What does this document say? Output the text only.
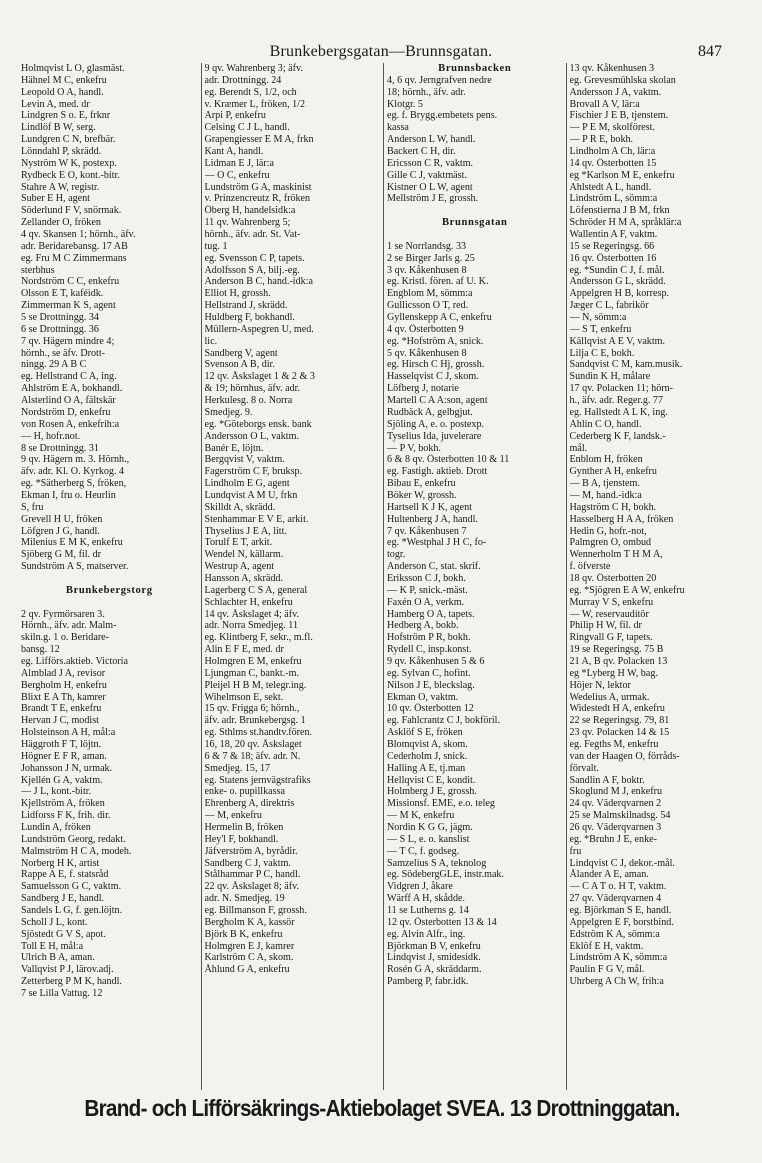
Brunkebergsgatan—Brunnsgatan.	847
Holmqvist L O, glasmäst.
Hähnel M C, enkefru
Leopold O A, handl.
Levin A, med. dr
Lindgren S o. E, frknr
Lindlöf B W, serg.
Lundgren C N, brefbär.
Lönndahl P, skrädd.
Nyström W K, postexp.
Rydbeck E O, kont.-bitr.
Stahre A W, registr.
Suber E H, agent
Söderlund F V, snörmak.
Zellander O, fröken
4 qv. Skansen 1; hörnh., äfv.
adr. Beridarebansg. 17 AB
eg. Fru M C Zimmermans
sterbhus
Nordström C C, enkefru
Olsson E T, kaféidk.
Zimmerman K S, agent
5 se Drottningg. 34
6 se Drottningg. 36
7 qv. Hägern mindre 4;
hörnh., se äfv. Drott-
ningg. 29 A B C
eg. Hellstrand C A, ing.
Ahlström E A, bokhandl.
Alsterlind O A, fältskär
Nordström D, enkefru
von Rosen A, enkefrih:a
— H, hofr.not.
8 se Drottningg. 31
9 qv. Hägern m. 3. Hörnh.,
äfv. adr. Kl. O. Kyrkog. 4
eg. *Sätherberg S, fröken,
Ekman I, fru o. Heurlin
S, fru
Grevell H U, fröken
Löfgren J G, handl.
Milenius E M K, enkefru
Sjöberg G M, fil. dr
Sundström A S, matserver.
Brunkebergstorg
2 qv. Fyrmörsaren 3.
Hörnh., äfv. adr. Malm-
skiln.g. 1 o. Beridare-
bansg. 12
eg. Lifförs.aktieb. Victoria
Almblad J A, revisor
Bergholm H, enkefru
Blixt E A Th, kamrer
Brandt T E, enkefru
Hervan J C, modist
Holsteinson A H, mål:a
Häggroth F T, löjtn.
Högner E F R, aman.
Johansson J N, urmak.
Kjellén G A, vaktm.
— J L, kont.-bitr.
Kjellström A, fröken
Lidforss F K, frih. dir.
Lundin A, fröken
Lundström Georg, redakt.
Malmström H C A, modeh.
Norberg H K, artist
Rappe A E, f. statsråd
Samuelsson G C, vaktm.
Sandberg J E, handl.
Sandels L G, f. gen.löjtn.
Scholl J L, kont.
Sjöstedt G V S, apot.
Toll E H, mål:a
Ulrich B A, aman.
Vallqvist P J, lärov.adj.
Zetterberg P M K, handl.
7 se Lilla Vattug. 12
9 qv. Wahrenberg 3; äfv.
adr. Drottningg. 24
eg. Berendt S, 1/2, och
v. Kræmer L, fröken, 1/2
Arpi P, enkefru
Celsing C J L, handl.
Grapengiesser E M A, frkn
Kant A, handl.
Lidman E J, lär:a
— O C, enkefru
Lundström G A, maskinist
v. Prinzencreutz R, fröken
Öberg H, handelsidk:a
11 qv. Wahrenberg 5;
hörnh., äfv. adr. St. Vat-
tug. 1
eg. Svensson C P, tapets.
Adolfsson S A, bilj.-eg.
Anderson B C, hand.-idk:a
Elliot H, grossh.
Hellstrand J, skrädd.
Huldberg F, bokhandl.
Müllern-Aspegren U, med.
lic.
Sandberg V, agent
Svenson A B, dir.
12 qv. Åskslaget 1 & 2 & 3
& 19; hörnhus, äfv. adr.
Herkulesg. 8 o. Norra
Smedjeg. 9.
eg. *Göteborgs ensk. bank
Andersson O L, vaktm.
Banér E, löjtn.
Bergqvist V, vaktm.
Fagerström C F, bruksp.
Lindholm E G, agent
Lundqvist A M U, frkn
Skilldt A, skrädd.
Stenhammar E V E, arkit.
Thyselius J E A, litt.
Torulf E T, arkit.
Wendel N, källarm.
Westrup A, agent
Hansson A, skrädd.
Lagerberg C S A, general
Schlachter H, enkefru
14 qv. Åskslaget 4; äfv.
adr. Norra Smedjeg. 11
eg. Klintberg F, sekr., m.fl.
Alin E F E, med. dr
Holmgren E M, enkefru
Ljungman C, bankt.-m.
Pleijel H B M, telegr.ing.
Wihelmson E, sekt.
15 qv. Frigga 6; hörnh.,
äfv. adr. Brunkebergsg. 1
eg. Sthlms st.handtv.fören.
16, 18, 20 qv. Åskslaget
6 & 7 & 18; äfv. adr. N.
Smedjeg. 15, 17
eg. Statens jernvägstrafiks
enke- o. pupillkassa
Ehrenberg A, direktris
— M, enkefru
Hermelin B, fröken
Hey'l F, bokhandl.
Jäfverström A, byrådir.
Sandberg C J, vaktm.
Stålhammar P C, handl.
22 qv. Åskslaget 8; äfv.
adr. N. Smedjeg. 19
eg. Billmanson F, grossh.
Bergholm K A, kassör
Björk B K, enkefru
Holmgren E J, kamrer
Karlström C A, skom.
Åhlund G A, enkefru
Brunnsbacken
4, 6 qv. Jerngrafven nedre
18; hörnh., äfv. adr.
Klotgr. 5
eg. f. Brygg.embetets pens.
kassa
Anderson L W, handl.
Backert C H, dir.
Ericsson C R, vaktm.
Gille C J, vaktmäst.
Kistner O L W, agent
Mellström J E, grossh.
Brunnsgatan
1 se Norrlandsg. 33
2 se Birger Jarls g. 25
3 qv. Kåkenhusen 8
eg. Kristl. fören. af U. K.
Engblom M, sömm:a
Gullicsson O T, red.
Gyllenskepp A C, enkefru
4 qv. Österbotten 9
eg. *Hofström A, snick.
5 qv. Kåkenhusen 8
eg. Hirsch C Hj, grossh.
Hasselqvist C J, skom.
Löfberg J, notarie
Martell C A A:son, agent
Rudbäck A, gelbgjut.
Sjöling A, e. o. postexp.
Tyselius Ida, juvelerare
— P V, bokh.
6 & 8 qv. Österbotten 10 & 11
eg. Fastigh. aktieb. Drott
Bibau E, enkefru
Böker W, grossh.
Hartsell K J K, agent
Hultenberg J A, handl.
7 qv. Kåkenhusen 7
eg. *Westphal J H C, fo-
togr.
Anderson C, stat. skrif.
Eriksson C J, bokh.
— K P, snick.-mäst.
Faxén O A, verkm.
Hamberg O A, tapets.
Hedberg A, bokb.
Hofström P R, bokh.
Rydell C, insp.konst.
9 qv. Kåkenhusen 5 & 6
eg. Sylvan C, hofint.
Nilson J E, bleckslag.
Ekman O, vaktm.
10 qv. Österbotten 12
eg. Fahlcrantz C J, bokföril.
Asklöf S E, fröken
Blomqvist A, skom.
Cederholm J, snick.
Halling A E, tj.man
Hellqvist C E, kondit.
Holmberg J E, grossh.
Missionsf. EME, e.o. teleg
— M K, enkefru
Nordin K G G, jägm.
— S L, e. o. kanslist
— T C, f. godseg.
Samzelius S A, teknolog
eg. SödebergGLE, instr.mak.
Vidgren J, åkare
Wärff A H, skådde.
11 se Lutherns g. 14
12 qv. Österbotten 13 & 14
eg. Alvin Alfr., ing.
Björkman B V, enkefru
Lindqvist J, smidesidk.
Rosén G A, skräddarm.
Pamberg P, fabr.idk.
13 qv. Kåkenhusen 3
eg. Grevesmühlska skolan
Andersson J A, vaktm.
Brovall A V, lär:a
Fischier J E B, tjenstem.
— P E M, skolförest.
— P R E, bokh.
Lindholm A Ch, lär:a
14 qv. Österbotten 15
eg *Karlson M E, enkefru
Ahlstedt A L, handl.
Lindström L, sömm:a
Löfenstierna J B M, frkn
Schröder H M A, språklär:a
Wallentin A F, vaktm.
15 se Regeringsg. 66
16 qv. Österbotten 16
eg. *Sundin C J, f. mål.
Andersson G L, skrädd.
Appelgren H B, korresp.
Jæger C L, fabrikör
— N, sömm:a
— S T, enkefru
Källqvist A E V, vaktm.
Lilja C E, bokh.
Sandqvist C M, kam.musik.
Sundin K H, målare
17 qv. Polacken 11; hörn-
h., äfv. adr. Reger.g. 77
eg. Hallstedt A L K, ing.
Ahlin C O, handl.
Cederberg K F, landsk.-
mål.
Enblom H, fröken
Gynther A H, enkefru
— B A, tjenstem.
— M, hand.-idk:a
Hagström C H, bokh.
Hasselberg H A A, fröken
Hedin G, hofr.-not,
Palmgren O, ombud
Wennerholm T H M A,
f. öfverste
18 qv. Österbotten 20
eg. *Sjögren E A W, enkefru
Murray V S, enkefru
— W, reservaudítör
Philip H W, fil. dr
Ringvall G F, tapets.
19 se Regeringsg. 75 B
21 A, B qv. Polacken 13
eg *Lyberg H W, bag.
Höjer N, lektor
Wedelius A, urmak.
Widestedt H A, enkefru
22 se Regeringsg. 79, 81
23 qv. Polacken 14 & 15
eg. Fegths M, enkefru
van der Haagen O, förråds-
förvalt.
Sandlin A F, boktr.
Skoglund M J, enkefru
24 qv. Väderqvarnen 2
25 se Malmskilnadsg. 54
26 qv. Väderqvarnen 3
eg. *Bruhn J E, enke-
fru
Lindqvist C J, dekor.-mål.
Ålander A E, aman.
— C A T o. H T, vaktm.
27 qv. Väderqvarnen 4
eg. Björkman S E, handl.
Appelgren E F, borstbind.
Edström K A, sömm:a
Eklöf E H, vaktm.
Lindström A K, sömm:a
Paulin F G V, mål.
Uhrberg A Ch W, frih:a
Brand- och Lifförsäkrings-Aktiebolaget SVEA. 13 Drottninggatan.
